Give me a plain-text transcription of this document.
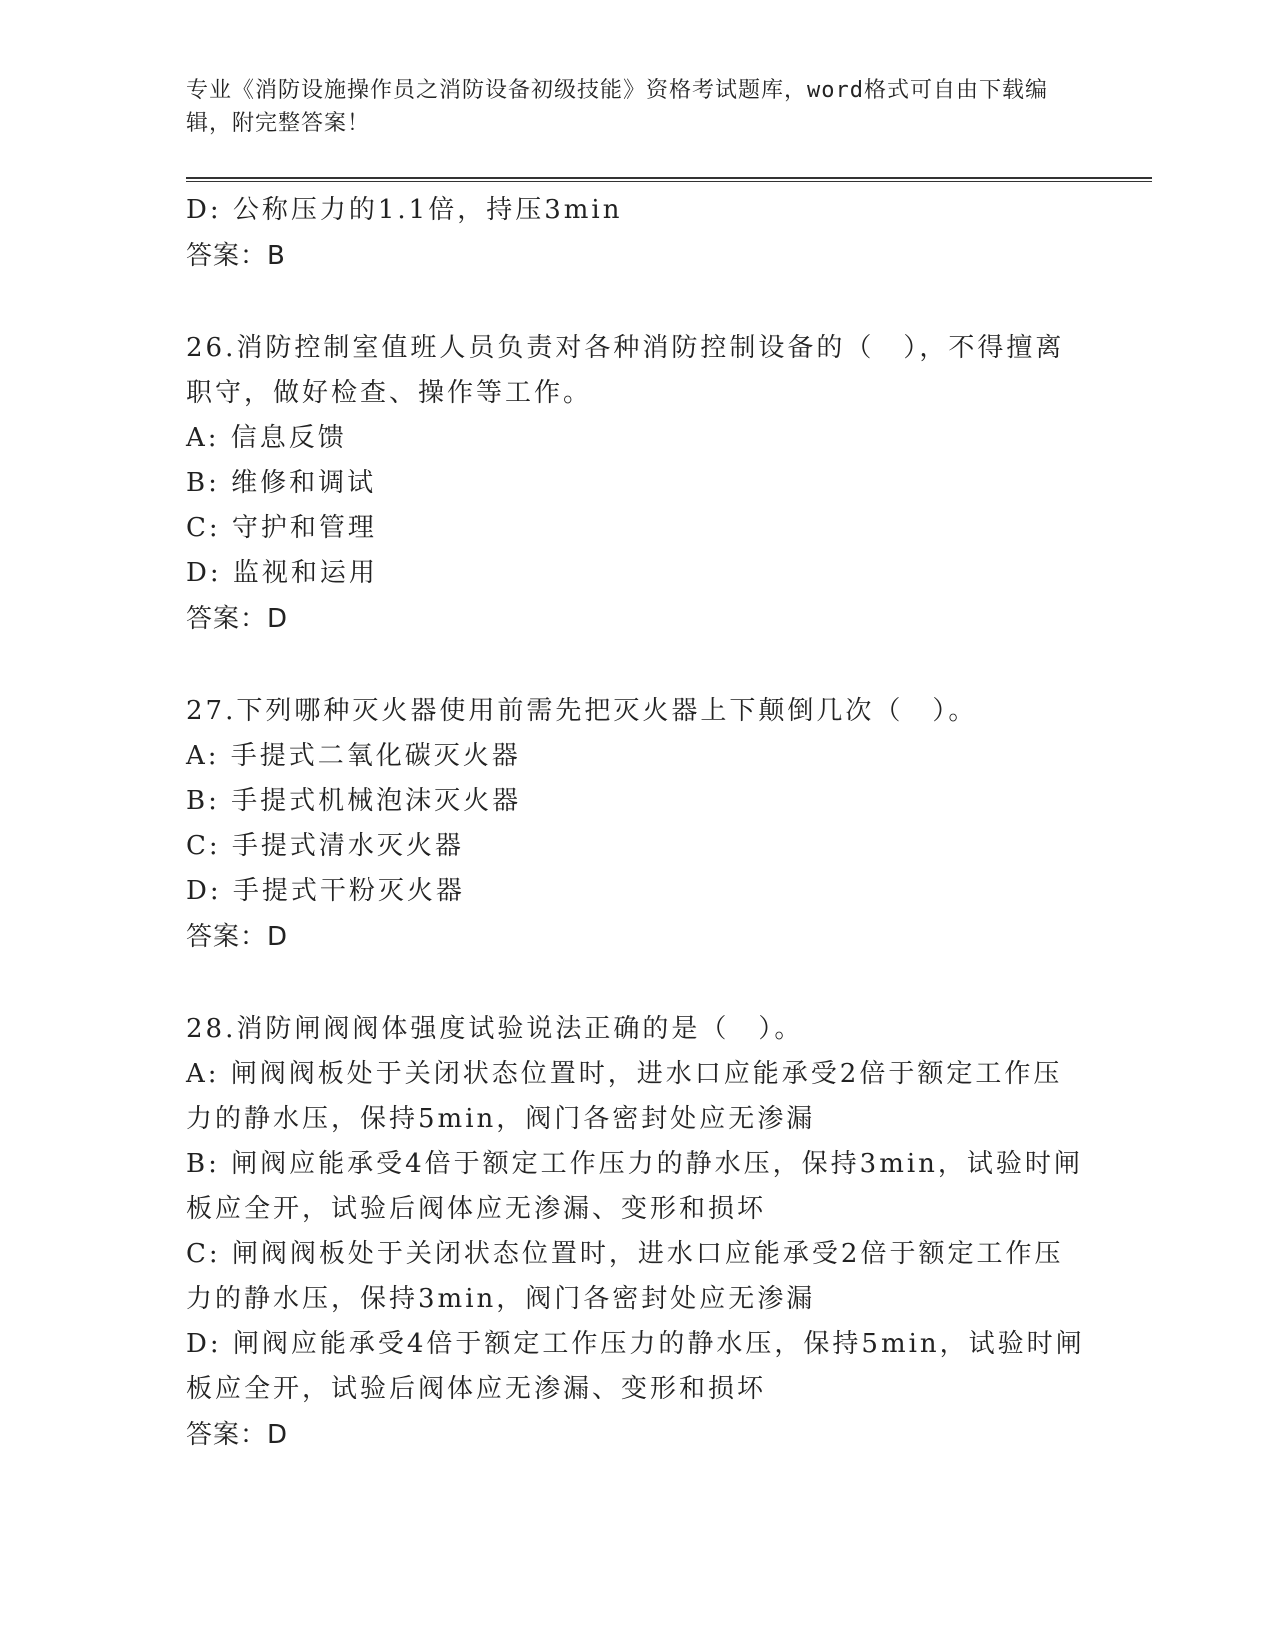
专业《消防设施操作员之消防设备初级技能》资格考试题库，word格式可自由下载编辑，附完整答案！
D: 公称压力的1.1倍，持压3min
答案：B
26.消防控制室值班人员负责对各种消防控制设备的（　），不得擅离职守，做好检查、操作等工作。
A: 信息反馈
B: 维修和调试
C: 守护和管理
D: 监视和运用
答案：D
27.下列哪种灭火器使用前需先把灭火器上下颠倒几次（　）。
A: 手提式二氧化碳灭火器
B: 手提式机械泡沫灭火器
C: 手提式清水灭火器
D: 手提式干粉灭火器
答案：D
28.消防闸阀阀体强度试验说法正确的是（　）。
A: 闸阀阀板处于关闭状态位置时，进水口应能承受2倍于额定工作压力的静水压，保持5min，阀门各密封处应无渗漏
B: 闸阀应能承受4倍于额定工作压力的静水压，保持3min，试验时闸板应全开，试验后阀体应无渗漏、变形和损坏
C: 闸阀阀板处于关闭状态位置时，进水口应能承受2倍于额定工作压力的静水压，保持3min，阀门各密封处应无渗漏
D: 闸阀应能承受4倍于额定工作压力的静水压，保持5min，试验时闸板应全开，试验后阀体应无渗漏、变形和损坏
答案：D
